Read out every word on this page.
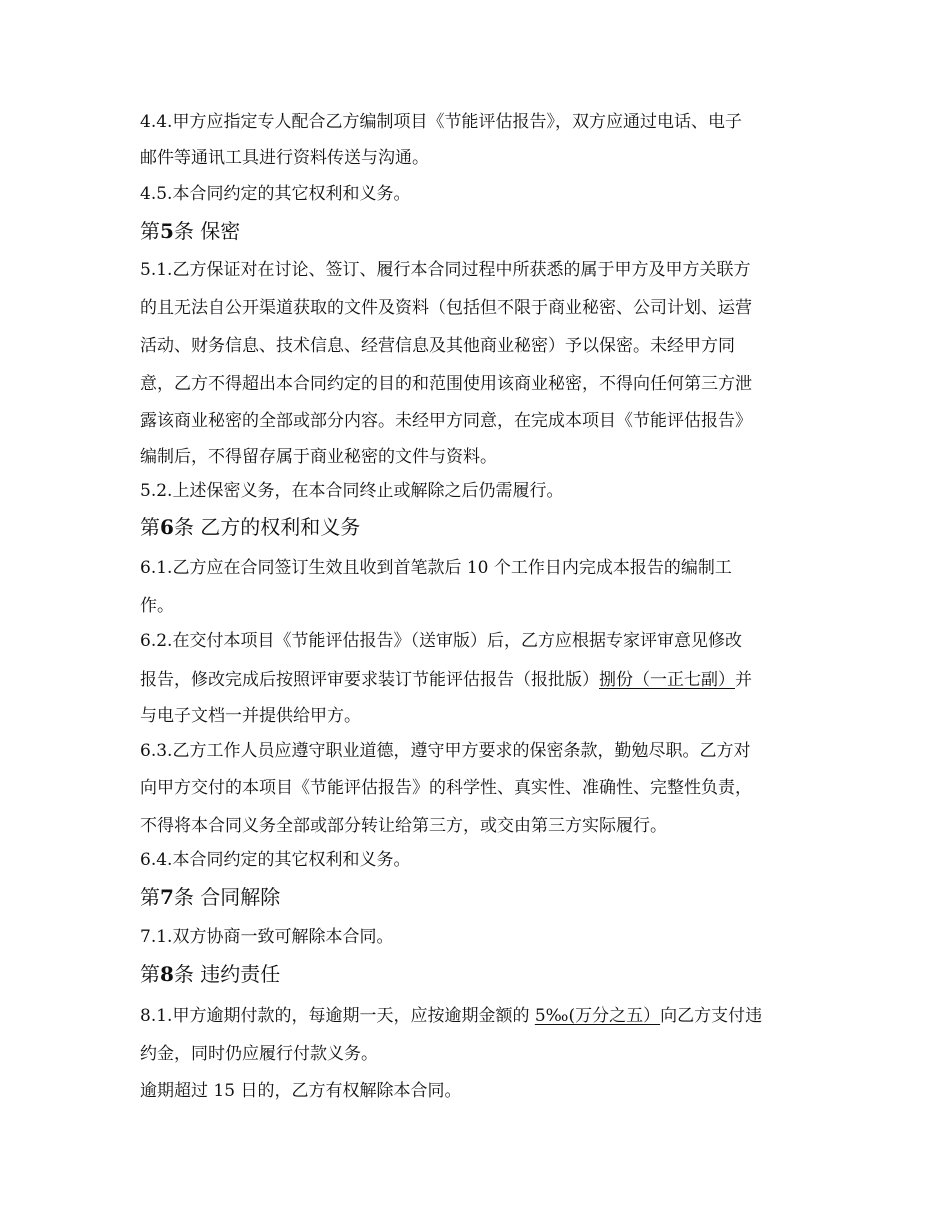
4.4.甲方应指定专人配合乙方编制项目《节能评估报告》，双方应通过电话、电子
邮件等通讯工具进行资料传送与沟通。
4.5.本合同约定的其它权利和义务。
第5条 保密
5.1.乙方保证对在讨论、签订、履行本合同过程中所获悉的属于甲方及甲方关联方
的且无法自公开渠道获取的文件及资料（包括但不限于商业秘密、公司计划、运营
活动、财务信息、技术信息、经营信息及其他商业秘密）予以保密。未经甲方同
意，乙方不得超出本合同约定的目的和范围使用该商业秘密，不得向任何第三方泄
露该商业秘密的全部或部分内容。未经甲方同意，在完成本项目《节能评估报告》
编制后，不得留存属于商业秘密的文件与资料。
5.2.上述保密义务，在本合同终止或解除之后仍需履行。
第6条 乙方的权利和义务
6.1.乙方应在合同签订生效且收到首笔款后 10 个工作日内完成本报告的编制工
作。
6.2.在交付本项目《节能评估报告》（送审版）后，乙方应根据专家评审意见修改
报告，修改完成后按照评审要求装订节能评估报告（报批版）捌份（一正七副）并
与电子文档一并提供给甲方。
6.3.乙方工作人员应遵守职业道德，遵守甲方要求的保密条款，勤勉尽职。乙方对
向甲方交付的本项目《节能评估报告》的科学性、真实性、准确性、完整性负责，
不得将本合同义务全部或部分转让给第三方，或交由第三方实际履行。
6.4.本合同约定的其它权利和义务。
第7条 合同解除
7.1.双方协商一致可解除本合同。
第8条 违约责任
8.1.甲方逾期付款的，每逾期一天，应按逾期金额的 5‰(万分之五）向乙方支付违
约金，同时仍应履行付款义务。
逾期超过 15 日的，乙方有权解除本合同。
